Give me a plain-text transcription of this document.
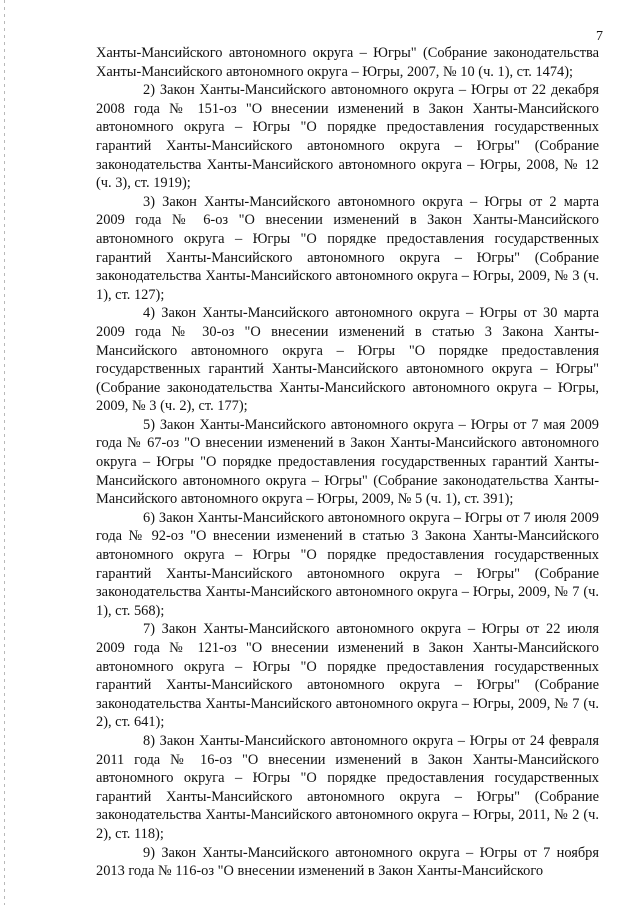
7

Ханты-Мансийского автономного округа – Югры" (Собрание законодательства Ханты-Мансийского автономного округа – Югры, 2007, № 10 (ч. 1), ст. 1474);

2) Закон Ханты-Мансийского автономного округа – Югры от 22 декабря 2008 года № 151-оз "О внесении изменений в Закон Ханты-Мансийского автономного округа – Югры "О порядке предоставления государственных гарантий Ханты-Мансийского автономного округа – Югры" (Собрание законодательства Ханты-Мансийского автономного округа – Югры, 2008, № 12 (ч. 3), ст. 1919);

3) Закон Ханты-Мансийского автономного округа – Югры от 2 марта 2009 года № 6-оз "О внесении изменений в Закон Ханты-Мансийского автономного округа – Югры "О порядке предоставления государственных гарантий Ханты-Мансийского автономного округа – Югры" (Собрание законодательства Ханты-Мансийского автономного округа – Югры, 2009, № 3 (ч. 1), ст. 127);

4) Закон Ханты-Мансийского автономного округа – Югры от 30 марта 2009 года № 30-оз "О внесении изменений в статью 3 Закона Ханты-Мансийского автономного округа – Югры "О порядке предоставления государственных гарантий Ханты-Мансийского автономного округа – Югры" (Собрание законодательства Ханты-Мансийского автономного округа – Югры, 2009, № 3 (ч. 2), ст. 177);

5) Закон Ханты-Мансийского автономного округа – Югры от 7 мая 2009 года № 67-оз "О внесении изменений в Закон Ханты-Мансийского автономного округа – Югры "О порядке предоставления государственных гарантий Ханты-Мансийского автономного округа – Югры" (Собрание законодательства Ханты-Мансийского автономного округа – Югры, 2009, № 5 (ч. 1), ст. 391);

6) Закон Ханты-Мансийского автономного округа – Югры от 7 июля 2009 года № 92-оз "О внесении изменений в статью 3 Закона Ханты-Мансийского автономного округа – Югры "О порядке предоставления государственных гарантий Ханты-Мансийского автономного округа – Югры" (Собрание законодательства Ханты-Мансийского автономного округа – Югры, 2009, № 7 (ч. 1), ст. 568);

7) Закон Ханты-Мансийского автономного округа – Югры от 22 июля 2009 года № 121-оз "О внесении изменений в Закон Ханты-Мансийского автономного округа – Югры "О порядке предоставления государственных гарантий Ханты-Мансийского автономного округа – Югры" (Собрание законодательства Ханты-Мансийского автономного округа – Югры, 2009, № 7 (ч. 2), ст. 641);

8) Закон Ханты-Мансийского автономного округа – Югры от 24 февраля 2011 года № 16-оз "О внесении изменений в Закон Ханты-Мансийского автономного округа – Югры "О порядке предоставления государственных гарантий Ханты-Мансийского автономного округа – Югры" (Собрание законодательства Ханты-Мансийского автономного округа – Югры, 2011, № 2 (ч. 2), ст. 118);

9) Закон Ханты-Мансийского автономного округа – Югры от 7 ноября 2013 года № 116-оз "О внесении изменений в Закон Ханты-Мансийского
